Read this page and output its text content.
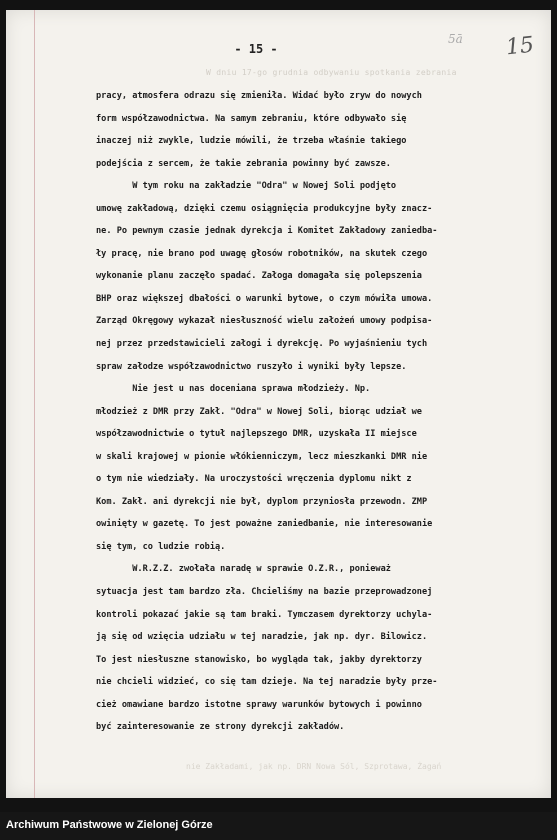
W dniu 17-go grudnia odbywaniu spotkania zebrania
- 15 -
5ā 15
pracy, atmosfera odrazu się zmieniła. Widać było zryw do nowych
form współzawodnictwa. Na samym zebraniu, które odbywało się
inaczej niż zwykle, ludzie mówili, że trzeba właśnie takiego
podejścia z sercem, że takie zebrania powinny być zawsze.
W tym roku na zakładzie "Odra" w Nowej Soli podjęto
umowę zakładową, dzięki czemu osiągnięcia produkcyjne były znacz-
ne. Po pewnym czasie jednak dyrekcja i Komitet Zakładowy zaniedba-
ły pracę, nie brano pod uwagę głosów robotników, na skutek czego
wykonanie planu zaczęło spadać. Załoga domagała się polepszenia
BHP oraz większej dbałości o warunki bytowe, o czym mówiła umowa.
Zarząd Okręgowy wykazał niesłuszność wielu założeń umowy podpisa-
nej przez przedstawicieli załogi i dyrekcję. Po wyjaśnieniu tych
spraw załodze współzawodnictwo ruszyło i wyniki były lepsze.
Nie jest u nas doceniana sprawa młodzieży. Np.
młodzież z DMR przy Zakł. "Odra" w Nowej Soli, biorąc udział we
współzawodnictwie o tytuł najlepszego DMR, uzyskała II miejsce
w skali krajowej w pionie włókienniczym, lecz mieszkanki DMR nie
o tym nie wiedziały. Na uroczystości wręczenia dyplomu nikt z
Kom. Zakł. ani dyrekcji nie był, dyplom przyniosła przewodn. ZMP
owinięty w gazetę. To jest poważne zaniedbanie, nie interesowanie
się tym, co ludzie robią.
W.R.Z.Z. zwołała naradę w sprawie O.Z.R., ponieważ
sytuacja jest tam bardzo zła. Chcieliśmy na bazie przeprowadzonej
kontroli pokazać jakie są tam braki. Tymczasem dyrektorzy uchyla-
ją się od wzięcia udziału w tej naradzie, jak np. dyr. Bilowicz.
To jest niesłuszne stanowisko, bo wygląda tak, jakby dyrektorzy
nie chcieli widzieć, co się tam dzieje. Na tej naradzie były prze-
cież omawiane bardzo istotne sprawy warunków bytowych i powinno
być zainteresowanie ze strony dyrekcji zakładów.
nie Zakładami, jak np. DRN Nowa Sól, Szprotawa, Żagań
Archiwum Państwowe w Zielonej Górze
